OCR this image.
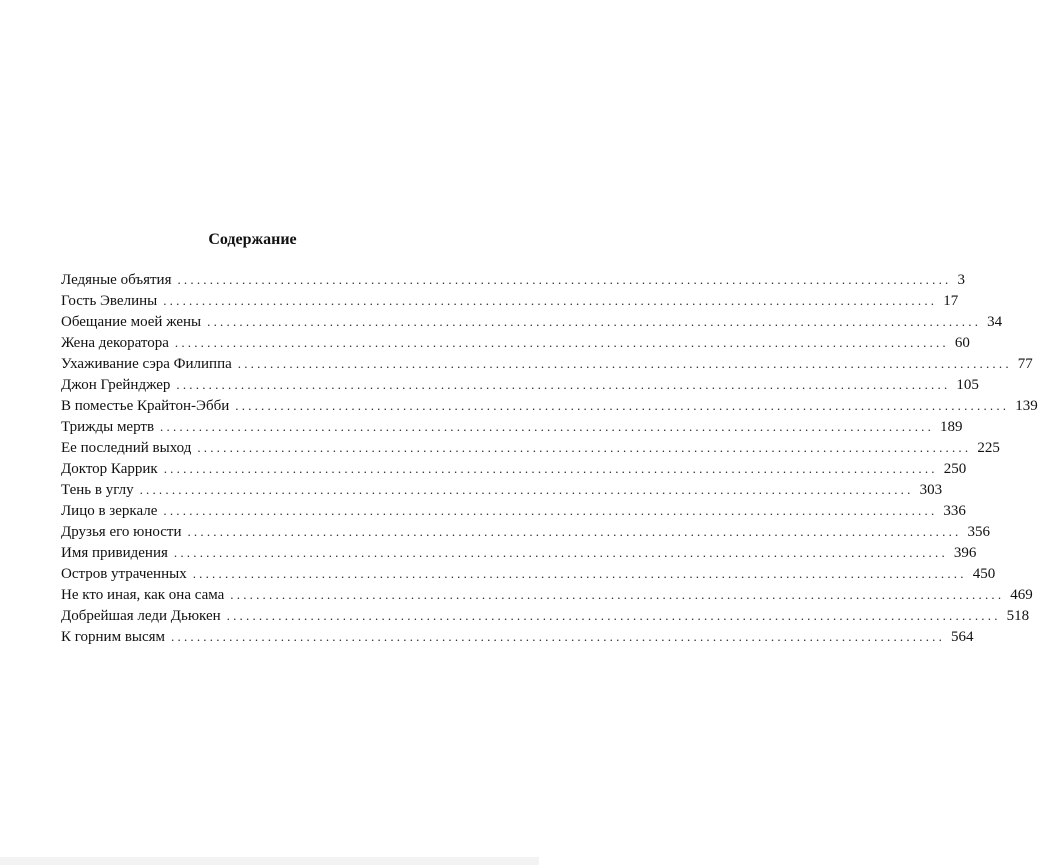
Содержание
Ледяные объятия ........................................................................................................................ 3
Гость Эвелины ........................................................................................................................ 17
Обещание моей жены ........................................................................................................................ 34
Жена декоратора ........................................................................................................................ 60
Ухаживание сэра Филиппа ........................................................................................................................ 77
Джон Грейнджер ........................................................................................................................ 105
В поместье Крайтон-Эбби ........................................................................................................................ 139
Трижды мертв ........................................................................................................................ 189
Ее последний выход ........................................................................................................................ 225
Доктор Каррик ........................................................................................................................ 250
Тень в углу ........................................................................................................................ 303
Лицо в зеркале ........................................................................................................................ 336
Друзья его юности ........................................................................................................................ 356
Имя привидения ........................................................................................................................ 396
Остров утраченных ........................................................................................................................ 450
Не кто иная, как она сама ........................................................................................................................ 469
Добрейшая леди Дьюкен ........................................................................................................................ 518
К горним высям ........................................................................................................................ 564
